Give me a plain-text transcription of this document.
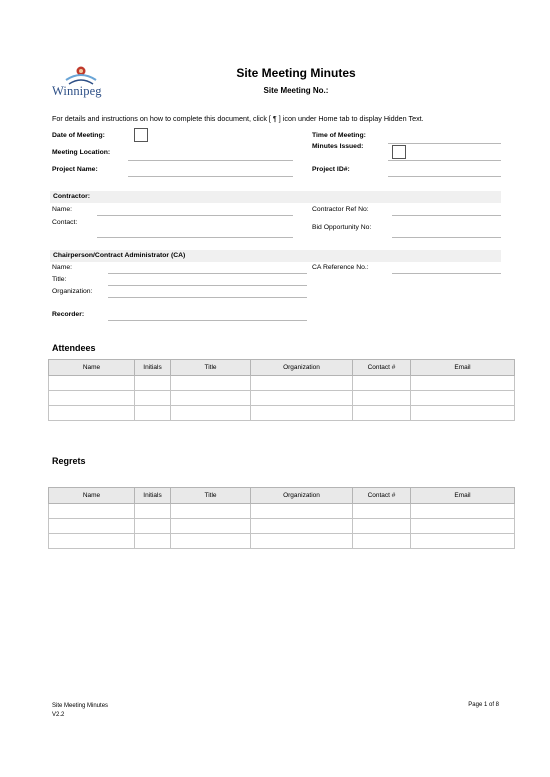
Winnipeg
Site Meeting Minutes
Site Meeting No.:
For details and instructions on how to complete this document, click [ ¶ ] icon under Home tab to display Hidden Text.
Date of Meeting:	Time of Meeting:
Minutes Issued:
Meeting Location:
Project Name:	Project ID#:
Contractor:
Name:	Contractor Ref No:
Contact:
Bid Opportunity No:
Chairperson/Contract Administrator (CA)
Name:	CA Reference No.:
Title:
Organization:
Recorder:
Attendees
Name	Initials	Title	Organization	Contact #	Email

Regrets
Name	Initials	Title	Organization	Contact #	Email

Site Meeting Minutes
V2.2
Page 1 of 8
